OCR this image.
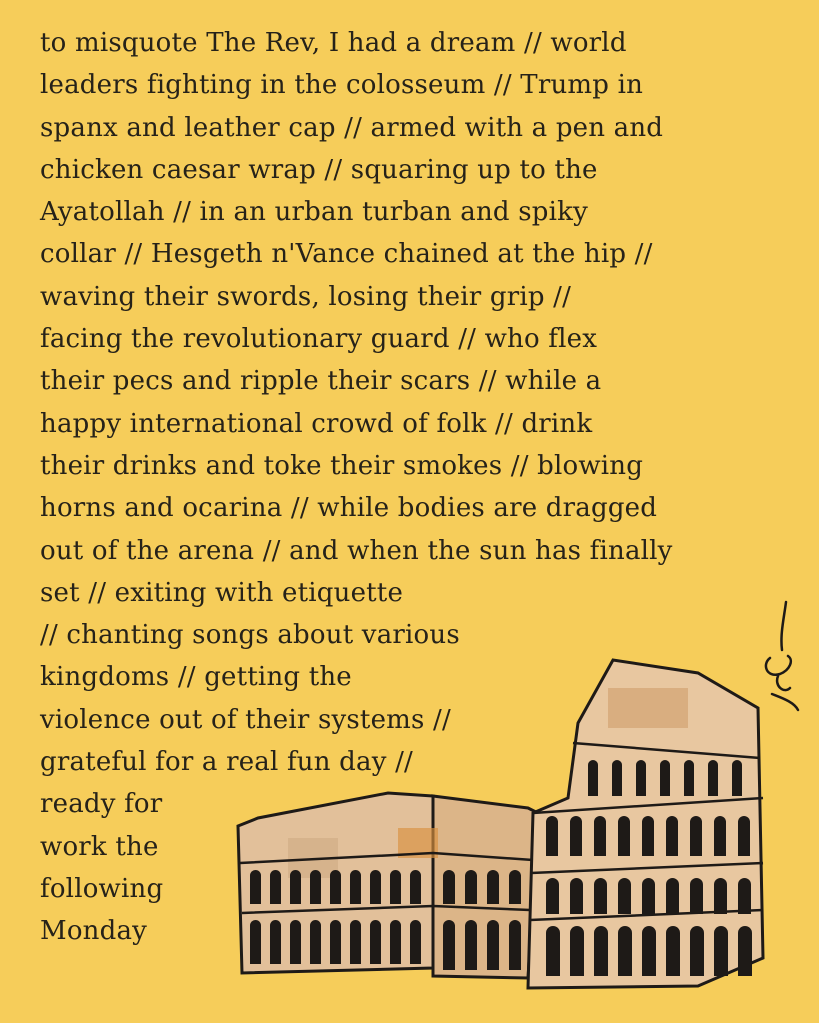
to misquote The Rev, I had a dream // world
leaders fighting in the colosseum // Trump in
spanx and leather cap // armed with a pen and
chicken caesar wrap // squaring up to the
Ayatollah // in an urban turban and spiky
collar // Hesgeth n'Vance chained at the hip //
waving their swords, losing their grip //
facing the revolutionary guard // who flex
their pecs and ripple their scars // while a
happy international crowd of folk // drink
their drinks and toke their smokes // blowing
horns and ocarina // while bodies are dragged
out of the arena // and when the sun has finally
set // exiting with etiquette
// chanting songs about various
kingdoms // getting the
violence out of their systems //
grateful for a real fun day //
ready for
work the
following
Monday
